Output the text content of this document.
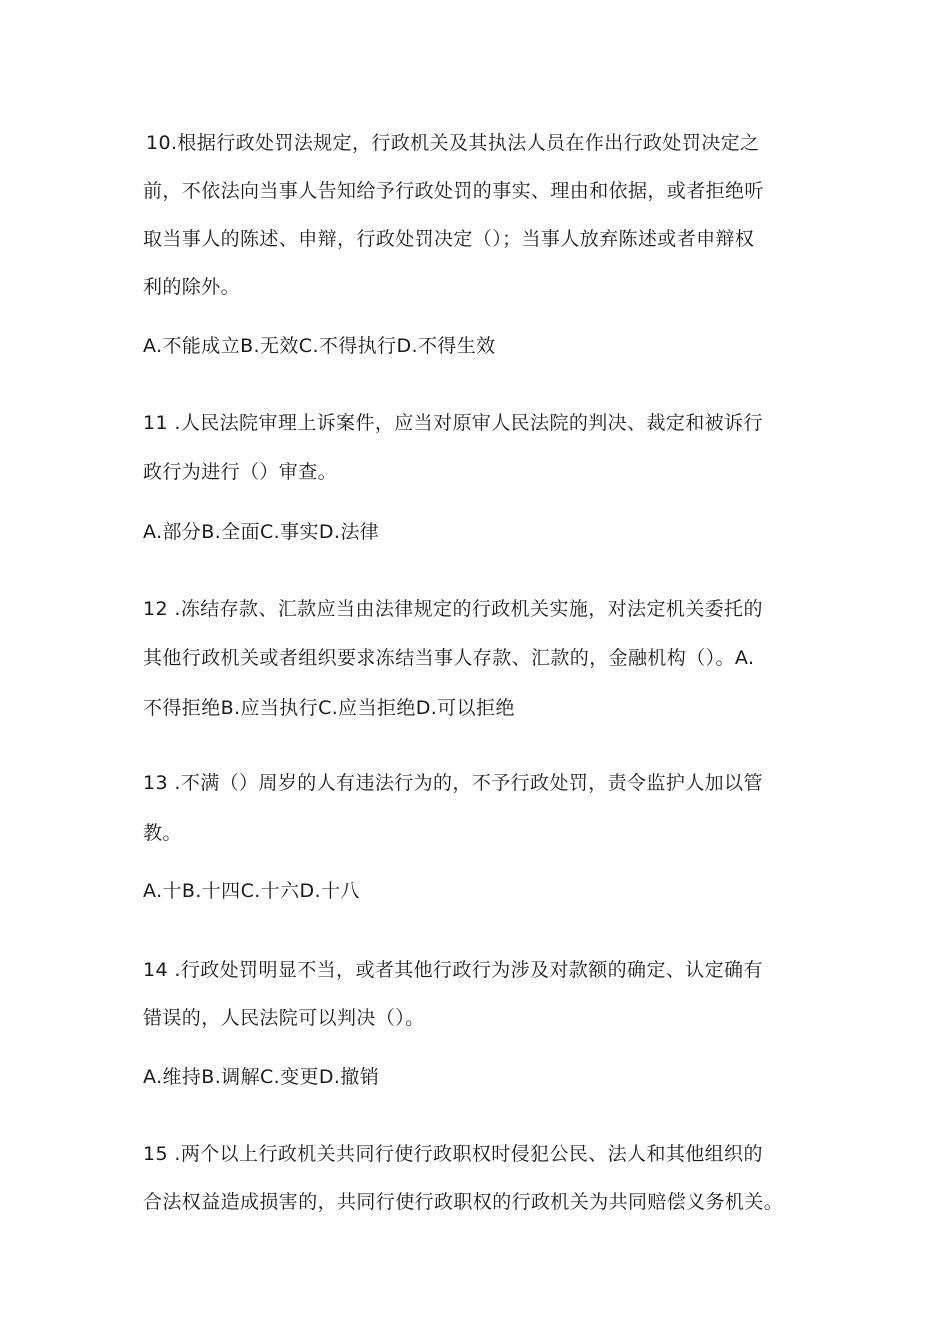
10.根据行政处罚法规定，行政机关及其执法人员在作出行政处罚决定之
前，不依法向当事人告知给予行政处罚的事实、理由和依据，或者拒绝听
取当事人的陈述、申辩，行政处罚决定（）；当事人放弃陈述或者申辩权
利的除外。
A.不能成立B.无效C.不得执行D.不得生效
11 .人民法院审理上诉案件，应当对原审人民法院的判决、裁定和被诉行
政行为进行（）审查。
A.部分B.全面C.事实D.法律
12 .冻结存款、汇款应当由法律规定的行政机关实施，对法定机关委托的
其他行政机关或者组织要求冻结当事人存款、汇款的，金融机构（）。A.
不得拒绝B.应当执行C.应当拒绝D.可以拒绝
13 .不满（）周岁的人有违法行为的，不予行政处罚，责令监护人加以管
教。
A.十B.十四C.十六D.十八
14 .行政处罚明显不当，或者其他行政行为涉及对款额的确定、认定确有
错误的，人民法院可以判决（）。
A.维持B.调解C.变更D.撤销
15 .两个以上行政机关共同行使行政职权时侵犯公民、法人和其他组织的
合法权益造成损害的，共同行使行政职权的行政机关为共同赔偿义务机关。
